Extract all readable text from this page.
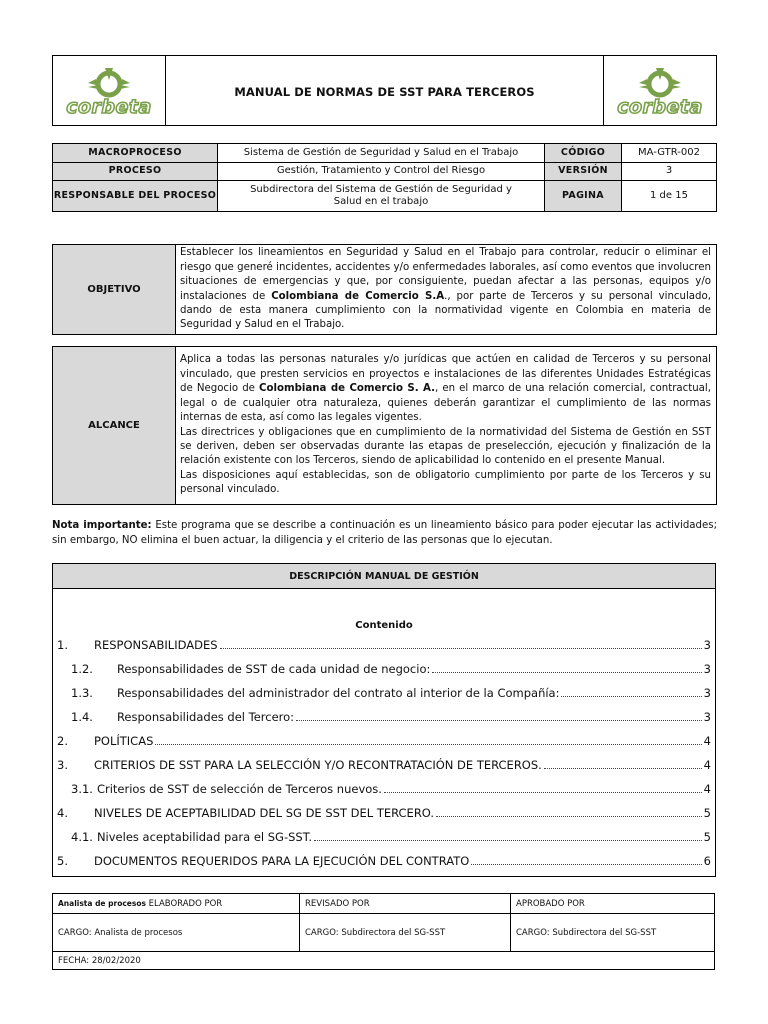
corbeta
	MANUAL DE NORMAS DE SST PARA TERCEROS	
corbeta
MACROPROCESO	Sistema de Gestión de Seguridad y Salud en el Trabajo	CÓDIGO	MA-GTR-002
PROCESO	Gestión, Tratamiento y Control del Riesgo	VERSIÓN	3
RESPONSABLE DEL PROCESO	Subdirectora del Sistema de Gestión de Seguridad y Salud en el trabajo	PAGINA	1 de 15
OBJETIVO	Establecer los lineamientos en Seguridad y Salud en el Trabajo para controlar, reducir o eliminar el riesgo que generé incidentes, accidentes y/o enfermedades laborales, así como eventos que involucren situaciones de emergencias y que, por consiguiente, puedan afectar a las personas, equipos y/o instalaciones de Colombiana de Comercio S.A., por parte de Terceros y su personal vinculado, dando de esta manera cumplimiento con la normatividad vigente en Colombia en materia de Seguridad y Salud en el Trabajo.
ALCANCE	
Aplica a todas las personas naturales y/o jurídicas que actúen en calidad de Terceros y su personal vinculado, que presten servicios en proyectos e instalaciones de las diferentes Unidades Estratégicas de Negocio de Colombiana de Comercio S. A., en el marco de una relación comercial, contractual, legal o de cualquier otra naturaleza, quienes deberán garantizar el cumplimiento de las normas internas de esta, así como las legales vigentes.
Las directrices y obligaciones que en cumplimiento de la normatividad del Sistema de Gestión en SST se deriven, deben ser observadas durante las etapas de preselección, ejecución y finalización de la relación existente con los Terceros, siendo de aplicabilidad lo contenido en el presente Manual.
Las disposiciones aquí establecidas, son de obligatorio cumplimiento por parte de los Terceros y su personal vinculado.
Nota importante: Este programa que se describe a continuación es un lineamiento básico para poder ejecutar las actividades; sin embargo, NO elimina el buen actuar, la diligencia y el criterio de las personas que lo ejecutan.
DESCRIPCIÓN MANUAL DE GESTIÓN
Contenido
1. RESPONSABILIDADES	3
1.2. Responsabilidades de SST de cada unidad de negocio:	3
1.3. Responsabilidades del administrador del contrato al interior de la Compañía:	3
1.4. Responsabilidades del Tercero:	3
2. POLÍTICAS	4
3. CRITERIOS DE SST PARA LA SELECCIÓN Y/O RECONTRATACIÓN DE TERCEROS.	4
3.1. Criterios de SST de selección de Terceros nuevos.	4
4. NIVELES DE ACEPTABILIDAD DEL SG DE SST DEL TERCERO.	5
4.1. Niveles aceptabilidad para el SG-SST.	5
5. DOCUMENTOS REQUERIDOS PARA LA EJECUCIÓN DEL CONTRATO	6
Analista de procesos ELABORADO POR	REVISADO POR	APROBADO POR
CARGO: Analista de procesos	CARGO: Subdirectora del SG-SST	CARGO: Subdirectora del SG-SST
FECHA: 28/02/2020		
